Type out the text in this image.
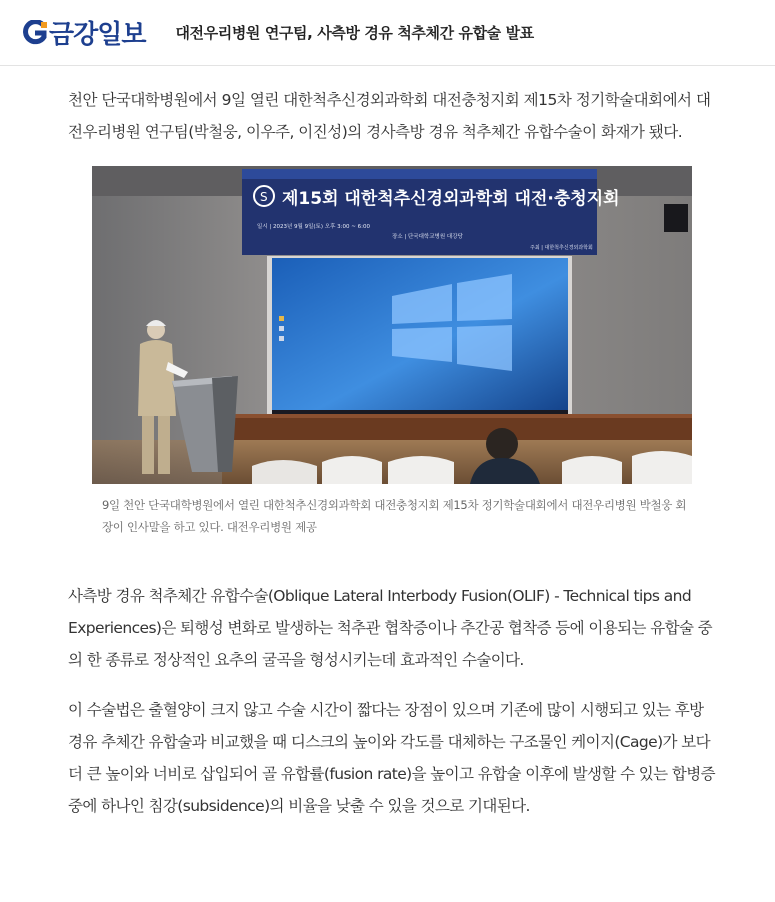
금강일보 대전우리병원 연구팀, 사측방 경유 척추체간 유합술 발표

천안 단국대학병원에서 9일 열린 대한척추신경외과학회 대전충청지회 제15차 정기학술대회에서 대전우리병원 연구팀(박철웅, 이우주, 이진성)의 경사측방 경유 척추체간 유합수술이 화재가 됐다.

S 제15회 대한척추신경외과학회 대전·충청지회
일시 | 2023년 9월 9일(토) 오후 3:00 ~ 6:00
장소 | 단국대학교병원 대강당
주최 | 대한척추신경외과학회
9일 천안 단국대학병원에서 열린 대한척추신경외과학회 대전충청지회 제15차 정기학술대회에서 대전우리병원 박철웅 회장이 인사말을 하고 있다. 대전우리병원 제공

사측방 경유 척추체간 유합수술(Oblique Lateral Interbody Fusion(OLIF) - Technical tips and Experiences)은 퇴행성 변화로 발생하는 척추관 협착증이나 추간공 협착증 등에 이용되는 유합술 중의 한 종류로 정상적인 요추의 굴곡을 형성시키는데 효과적인 수술이다.

이 수술법은 출혈양이 크지 않고 수술 시간이 짧다는 장점이 있으며 기존에 많이 시행되고 있는 후방 경유 추체간 유합술과 비교했을 때 디스크의 높이와 각도를 대체하는 구조물인 케이지(Cage)가 보다 더 큰 높이와 너비로 삽입되어 골 유합률(fusion rate)을 높이고 유합술 이후에 발생할 수 있는 합병증 중에 하나인 침강(subsidence)의 비율을 낮출 수 있을 것으로 기대된다.
